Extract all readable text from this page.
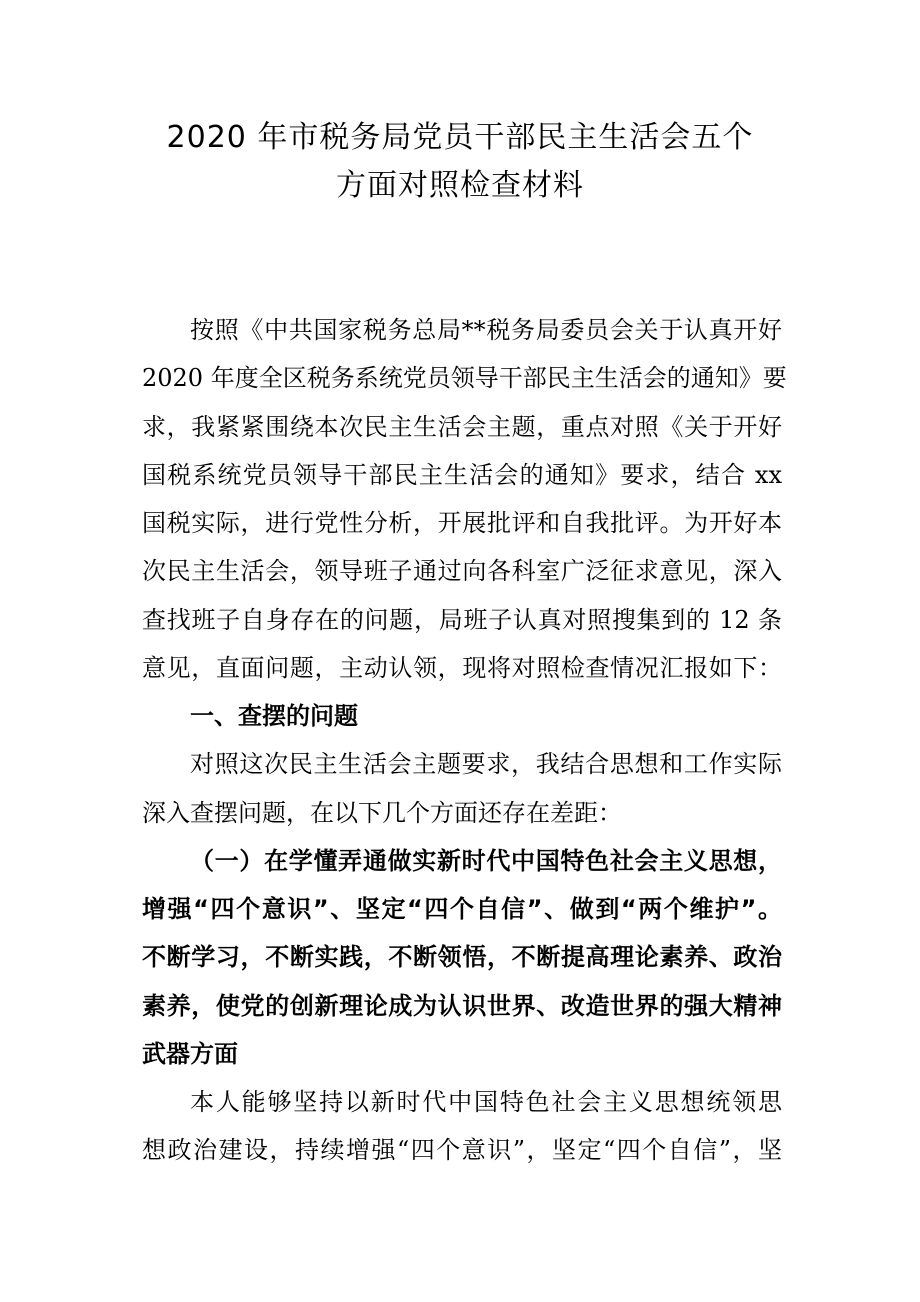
2020 年市税务局党员干部民主生活会五个
方面对照检查材料
按照《中共国家税务总局**税务局委员会关于认真开好
2020 年度全区税务系统党员领导干部民主生活会的通知》要
求，我紧紧围绕本次民主生活会主题，重点对照《关于开好
国税系统党员领导干部民主生活会的通知》要求，结合 xx
国税实际，进行党性分析，开展批评和自我批评。为开好本
次民主生活会，领导班子通过向各科室广泛征求意见，深入
查找班子自身存在的问题，局班子认真对照搜集到的 12 条
意见，直面问题，主动认领，现将对照检查情况汇报如下：
一、查摆的问题
对照这次民主生活会主题要求，我结合思想和工作实际
深入查摆问题，在以下几个方面还存在差距：
（一）在学懂弄通做实新时代中国特色社会主义思想，
增强“四个意识”、坚定“四个自信”、做到“两个维护”。
不断学习，不断实践，不断领悟，不断提高理论素养、政治
素养，使党的创新理论成为认识世界、改造世界的强大精神
武器方面
本人能够坚持以新时代中国特色社会主义思想统领思
想政治建设，持续增强“四个意识”，坚定“四个自信”，坚
